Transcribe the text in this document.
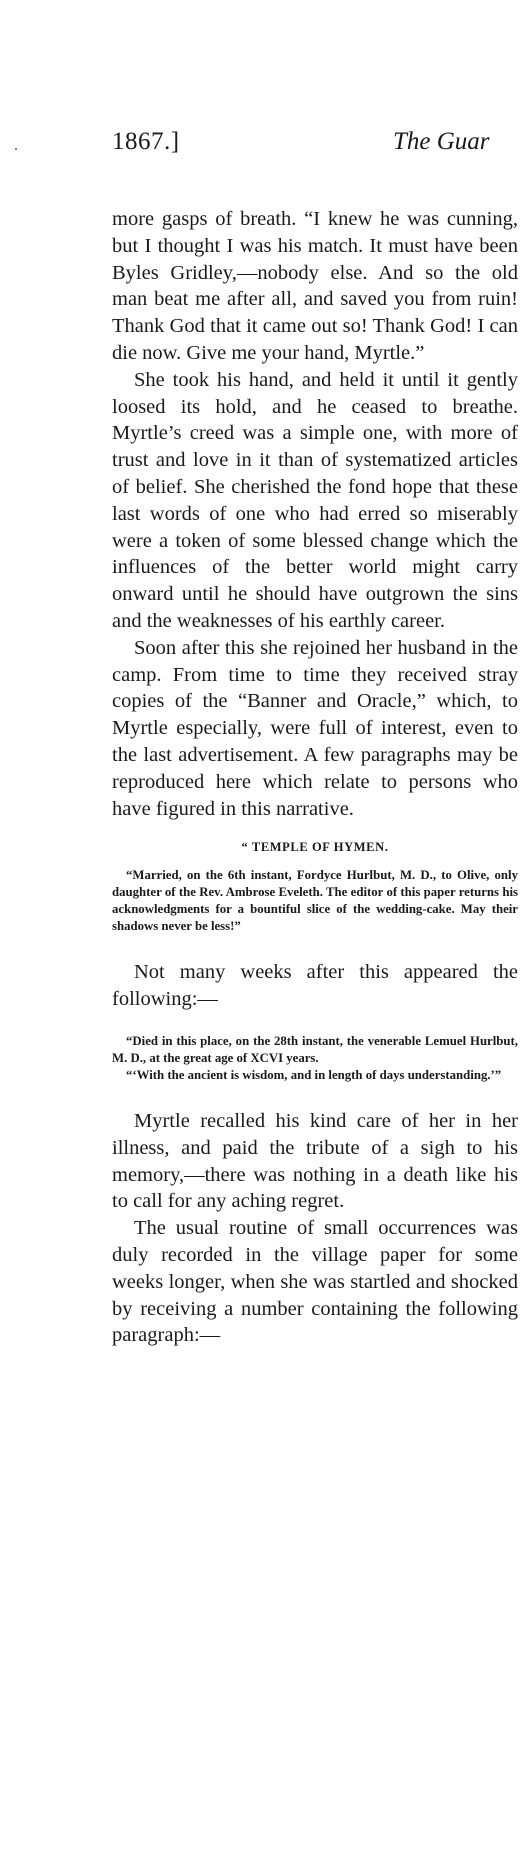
1867.]	The Guar

more gasps of breath. “I knew he was cunning, but I thought I was his match. It must have been Byles Gridley,—nobody else. And so the old man beat me after all, and saved you from ruin! Thank God that it came out so! Thank God! I can die now. Give me your hand, Myrtle.”

She took his hand, and held it until it gently loosed its hold, and he ceased to breathe. Myrtle’s creed was a simple one, with more of trust and love in it than of systematized articles of belief. She cherished the fond hope that these last words of one who had erred so miserably were a token of some blessed change which the influences of the better world might carry onward until he should have outgrown the sins and the weaknesses of his earthly career.

Soon after this she rejoined her husband in the camp. From time to time they received stray copies of the “Banner and Oracle,” which, to Myrtle especially, were full of interest, even to the last advertisement. A few paragraphs may be reproduced here which relate to persons who have figured in this narrative.

“ TEMPLE OF HYMEN.

“Married, on the 6th instant, Fordyce Hurlbut, M. D., to Olive, only daughter of the Rev. Ambrose Eveleth. The editor of this paper returns his acknowledgments for a bountiful slice of the wedding-cake. May their shadows never be less!”

Not many weeks after this appeared the following:—

“Died in this place, on the 28th instant, the venerable Lemuel Hurlbut, M. D., at the great age of XCVI years.

“‘With the ancient is wisdom, and in length of days understanding.’”

Myrtle recalled his kind care of her in her illness, and paid the tribute of a sigh to his memory,—there was nothing in a death like his to call for any aching regret.

The usual routine of small occurrences was duly recorded in the village paper for some weeks longer, when she was startled and shocked by receiving a number containing the following paragraph:—
